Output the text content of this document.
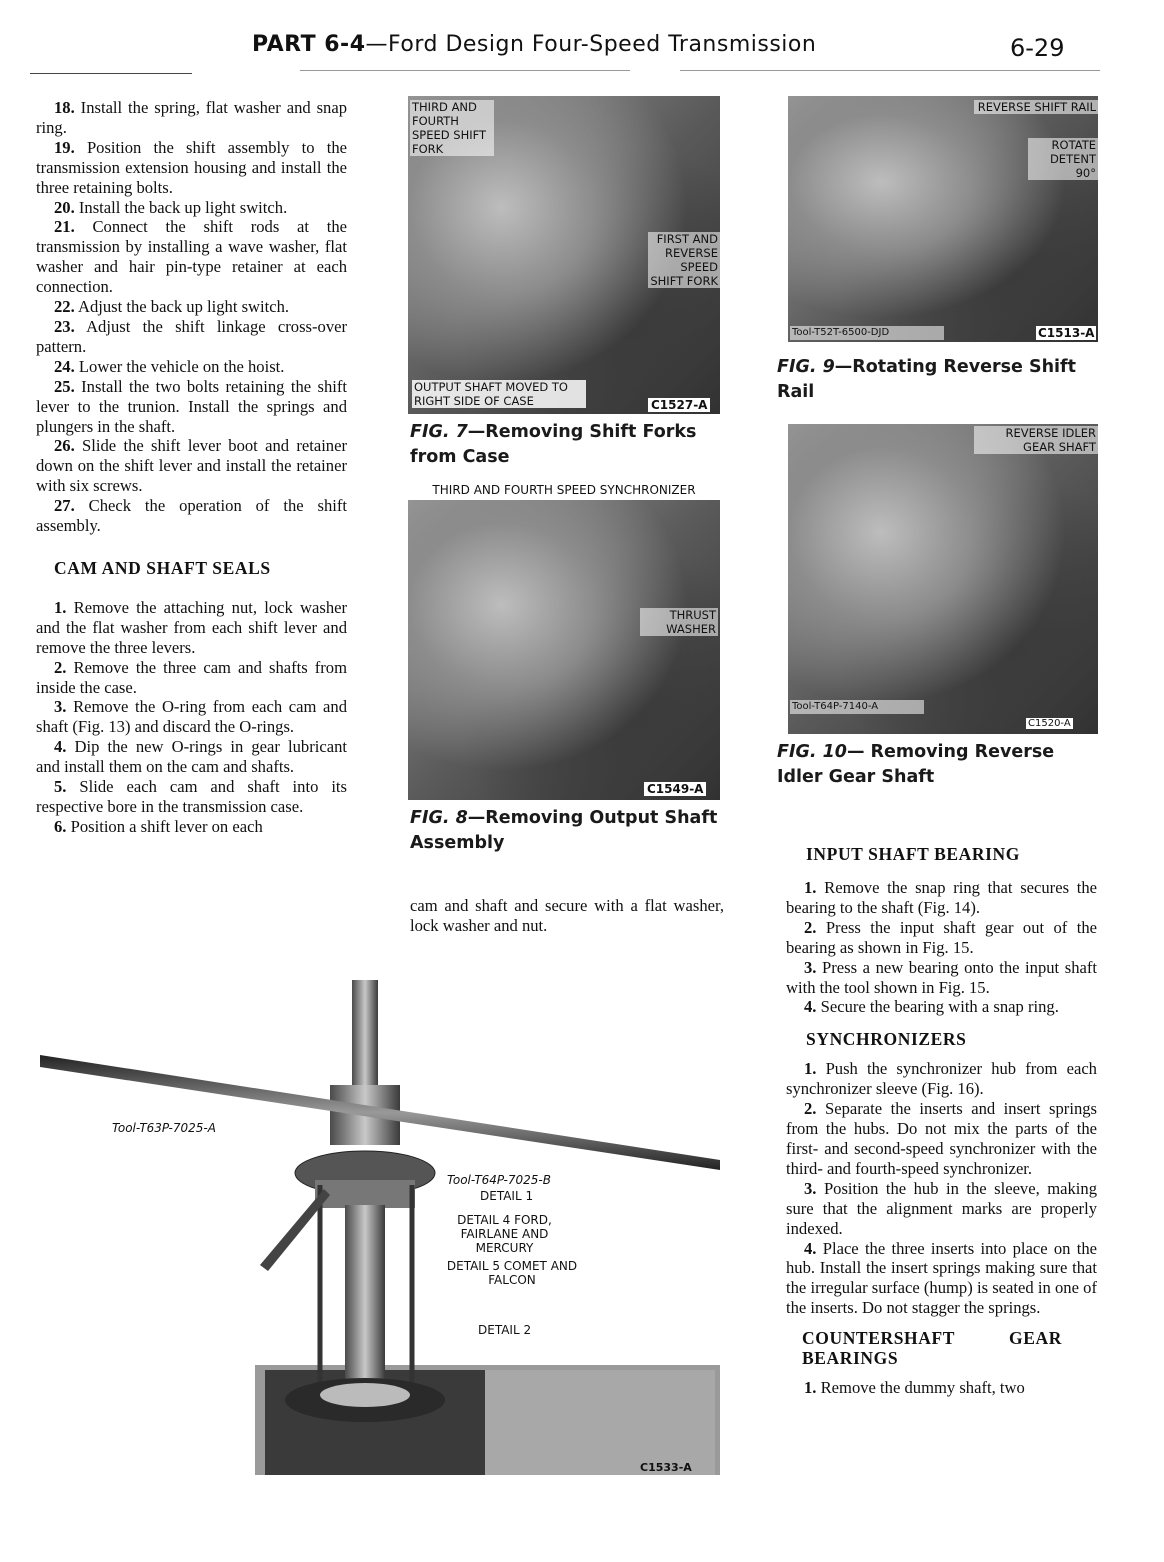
PART 6-4—Ford Design Four-Speed Transmission	6-29

18. Install the spring, flat washer and snap ring.

19. Position the shift assembly to the transmission extension housing and install the three retaining bolts.

20. Install the back up light switch.

21. Connect the shift rods at the transmission by installing a wave washer, flat washer and hair pin-type retainer at each connection.

22. Adjust the back up light switch.

23. Adjust the shift linkage cross-over pattern.

24. Lower the vehicle on the hoist.

25. Install the two bolts retaining the shift lever to the trunion. Install the springs and plungers in the shaft.

26. Slide the shift lever boot and retainer down on the shift lever and install the retainer with six screws.

27. Check the operation of the shift assembly.

CAM AND SHAFT SEALS

1. Remove the attaching nut, lock washer and the flat washer from each shift lever and remove the three levers.

2. Remove the three cam and shafts from inside the case.

3. Remove the O-ring from each cam and shaft (Fig. 13) and discard the O-rings.

4. Dip the new O-rings in gear lubricant and install them on the cam and shafts.

5. Slide each cam and shaft into its respective bore in the transmission case.

6. Position a shift lever on each

THIRD AND FOURTH SPEED SHIFT FORK
FIRST AND REVERSE SPEED SHIFT FORK
OUTPUT SHAFT MOVED TO RIGHT SIDE OF CASE	C1527-A
FIG. 7—Removing Shift Forks from Case
THRUST WASHER
C1549-A
THIRD AND FOURTH SPEED SYNCHRONIZER
FIG. 8—Removing Output Shaft Assembly

cam and shaft and secure with a flat washer, lock washer and nut.

REVERSE SHIFT RAIL
ROTATE DETENT 90°
Tool-T52T-6500-DJD	C1513-A
FIG. 9—Rotating Reverse Shift Rail
REVERSE IDLER GEAR SHAFT
Tool-T64P-7140-A
C1520-A
FIG. 10— Removing Reverse Idler Gear Shaft

INPUT SHAFT BEARING

1. Remove the snap ring that secures the bearing to the shaft (Fig. 14).

2. Press the input shaft gear out of the bearing as shown in Fig. 15.

3. Press a new bearing onto the input shaft with the tool shown in Fig. 15.

4. Secure the bearing with a snap ring.

SYNCHRONIZERS

1. Push the synchronizer hub from each synchronizer sleeve (Fig. 16).

2. Separate the inserts and insert springs from the hubs. Do not mix the parts of the first- and second-speed synchronizer with the third- and fourth-speed synchronizer.

3. Position the hub in the sleeve, making sure that the alignment marks are properly indexed.

4. Place the three inserts into place on the hub. Install the insert springs making sure that the irregular surface (hump) is seated in one of the inserts. Do not stagger the springs.

COUNTERSHAFT GEAR BEARINGS

1. Remove the dummy shaft, two

Tool-T63P-7025-A
Tool-T64P-7025-B
DETAIL 1
DETAIL 4 FORD, FAIRLANE AND MERCURY
DETAIL 5 COMET AND FALCON
DETAIL 2
C1533-A
